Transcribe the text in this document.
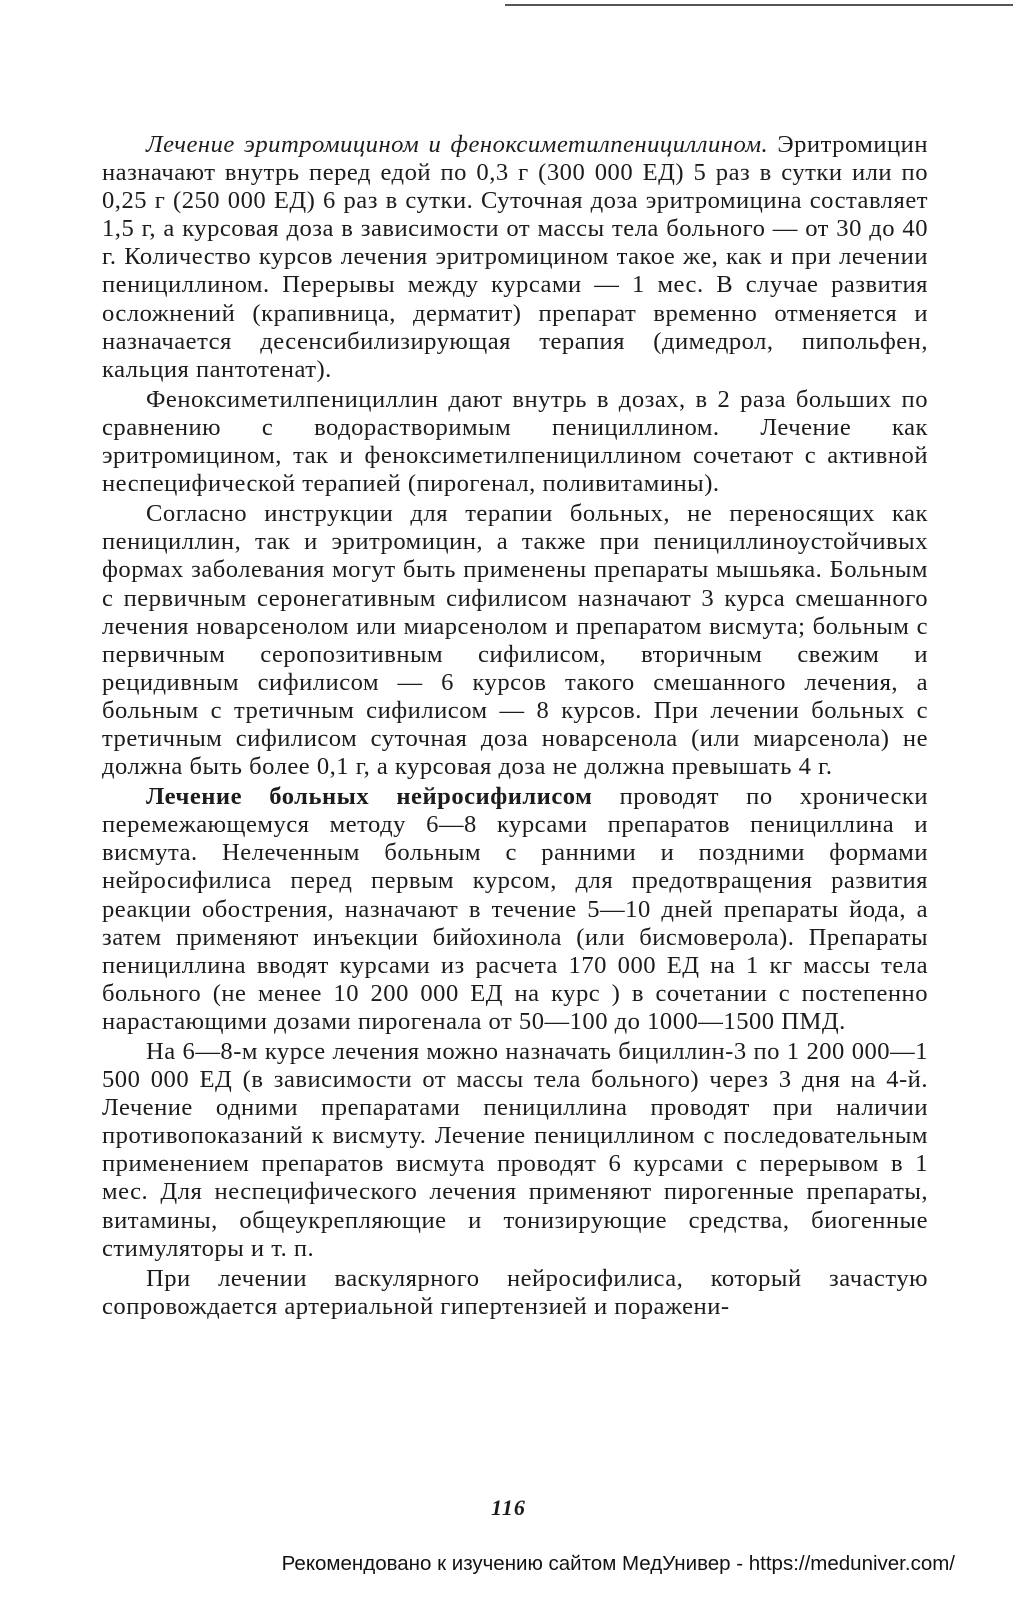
Лечение эритромицином и феноксиметилпенициллином. Эритромицин назначают внутрь перед едой по 0,3 г (300 000 ЕД) 5 раз в сутки или по 0,25 г (250 000 ЕД) 6 раз в сутки. Суточная доза эритромицина составляет 1,5 г, а курсовая доза в зависимости от массы тела больного — от 30 до 40 г. Количество курсов лечения эритромицином такое же, как и при лечении пенициллином. Перерывы между курсами — 1 мес. В случае развития осложнений (крапивница, дерматит) препарат временно отменяется и назначается десенсибилизирующая терапия (димедрол, пипольфен, кальция пантотенат).

Феноксиметилпенициллин дают внутрь в дозах, в 2 раза больших по сравнению с водорастворимым пенициллином. Лечение как эритромицином, так и феноксиметилпенициллином сочетают с активной неспецифической терапией (пирогенал, поливитамины).

Согласно инструкции для терапии больных, не переносящих как пенициллин, так и эритромицин, а также при пенициллиноустойчивых формах заболевания могут быть применены препараты мышьяка. Больным с первичным серонегативным сифилисом назначают 3 курса смешанного лечения новарсенолом или миарсенолом и препаратом висмута; больным с первичным серопозитивным сифилисом, вторичным свежим и рецидивным сифилисом — 6 курсов такого смешанного лечения, а больным с третичным сифилисом — 8 курсов. При лечении больных с третичным сифилисом суточная доза новарсенола (или миарсенола) не должна быть более 0,1 г, а курсовая доза не должна превышать 4 г.

Лечение больных нейросифилисом проводят по хронически перемежающемуся методу 6—8 курсами препаратов пенициллина и висмута. Нелеченным больным с ранними и поздними формами нейросифилиса перед первым курсом, для предотвращения развития реакции обострения, назначают в течение 5—10 дней препараты йода, а затем применяют инъекции бийохинола (или бисмоверола). Препараты пенициллина вводят курсами из расчета 170 000 ЕД на 1 кг массы тела больного (не менее 10 200 000 ЕД на курс ) в сочетании с постепенно нарастающими дозами пирогенала от 50—100 до 1000—1500 ПМД.

На 6—8-м курсе лечения можно назначать бициллин-3 по 1 200 000—1 500 000 ЕД (в зависимости от массы тела больного) через 3 дня на 4-й. Лечение одними препаратами пенициллина проводят при наличии противопоказаний к висмуту. Лечение пенициллином с последовательным применением препаратов висмута проводят 6 курсами с перерывом в 1 мес. Для неспецифического лечения применяют пирогенные препараты, витамины, общеукрепляющие и тонизирующие средства, биогенные стимуляторы и т. п.

При лечении васкулярного нейросифилиса, который зачастую сопровождается артериальной гипертензией и поражени-

116
Рекомендовано к изучению сайтом МедУнивер - https://meduniver.com/
